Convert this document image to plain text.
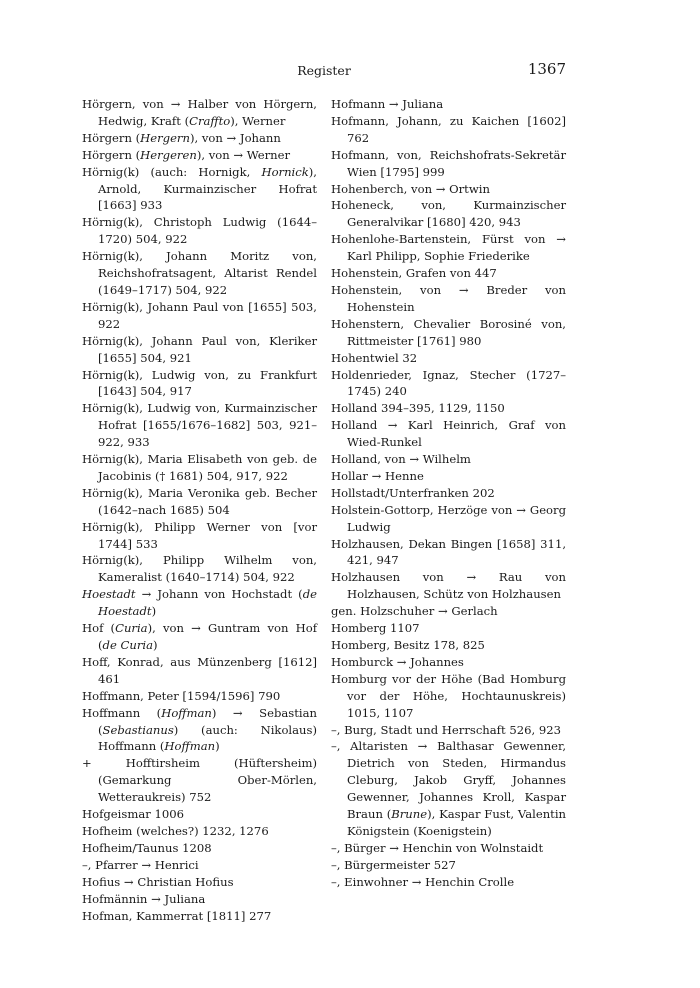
Register	1367

Hörgern, von → Halber von Hörgern, Hedwig, Kraft (Craffto), Werner

Hörgern (Hergern), von → Johann

Hörgern (Hergeren), von → Werner

Hörnig(k) (auch: Hornigk, Hornick), Arnold, Kurmainzischer Hofrat [1663] 933

Hörnig(k), Christoph Ludwig (1644–1720) 504, 922

Hörnig(k), Johann Moritz von, Reichshofratsagent, Altarist Rendel (1649–1717) 504, 922

Hörnig(k), Johann Paul von [1655] 503, 922

Hörnig(k), Johann Paul von, Kleriker [1655] 504, 921

Hörnig(k), Ludwig von, zu Frankfurt [1643] 504, 917

Hörnig(k), Ludwig von, Kurmainzischer Hofrat [1655/1676–1682] 503, 921–922, 933

Hörnig(k), Maria Elisabeth von geb. de Jacobinis († 1681) 504, 917, 922

Hörnig(k), Maria Veronika geb. Becher (1642–nach 1685) 504

Hörnig(k), Philipp Werner von [vor 1744] 533

Hörnig(k), Philipp Wilhelm von, Kameralist (1640–1714) 504, 922

Hoestadt → Johann von Hochstadt (de Hoestadt)

Hof (Curia), von → Guntram von Hof (de Curia)

Hoff, Konrad, aus Münzenberg [1612] 461

Hoffmann, Peter [1594/1596] 790

Hoffmann (Hoffman) → Sebastian (Sebastianus) (auch: Nikolaus) Hoffmann (Hoffman)

+ Hofftirsheim (Hüftersheim) (Gemarkung Ober-Mörlen, Wetteraukreis) 752

Hofgeismar 1006

Hofheim (welches?) 1232, 1276

Hofheim/Taunus 1208

–, Pfarrer → Henrici

Hofius → Christian Hofius

Hofmännin → Juliana

Hofman, Kammerrat [1811] 277

Hofmann → Juliana

Hofmann, Johann, zu Kaichen [1602] 762

Hofmann, von, Reichshofrats-Sekretär Wien [1795] 999

Hohenberch, von → Ortwin

Hoheneck, von, Kurmainzischer Generalvikar [1680] 420, 943

Hohenlohe-Bartenstein, Fürst von → Karl Philipp, Sophie Friederike

Hohenstein, Grafen von 447

Hohenstein, von → Breder von Hohenstein

Hohenstern, Chevalier Borosiné von, Rittmeister [1761] 980

Hohentwiel 32

Holdenrieder, Ignaz, Stecher (1727–1745) 240

Holland 394–395, 1129, 1150

Holland → Karl Heinrich, Graf von Wied-Runkel

Holland, von → Wilhelm

Hollar → Henne

Hollstadt/Unterfranken 202

Holstein-Gottorp, Herzöge von → Georg Ludwig

Holzhausen, Dekan Bingen [1658] 311, 421, 947

Holzhausen von → Rau von Holzhausen, Schütz von Holzhausen

gen. Holzschuher → Gerlach

Homberg 1107

Homberg, Besitz 178, 825

Homburck → Johannes

Homburg vor der Höhe (Bad Homburg vor der Höhe, Hochtaunuskreis) 1015, 1107

–, Burg, Stadt und Herrschaft 526, 923

–, Altaristen → Balthasar Gewenner, Dietrich von Steden, Hirmandus Cleburg, Jakob Gryff, Johannes Gewenner, Johannes Kroll, Kaspar Braun (Brune), Kaspar Fust, Valentin Königstein (Koenigstein)

–, Bürger → Henchin von Wolnstaidt

–, Bürgermeister 527

–, Einwohner → Henchin Crolle
